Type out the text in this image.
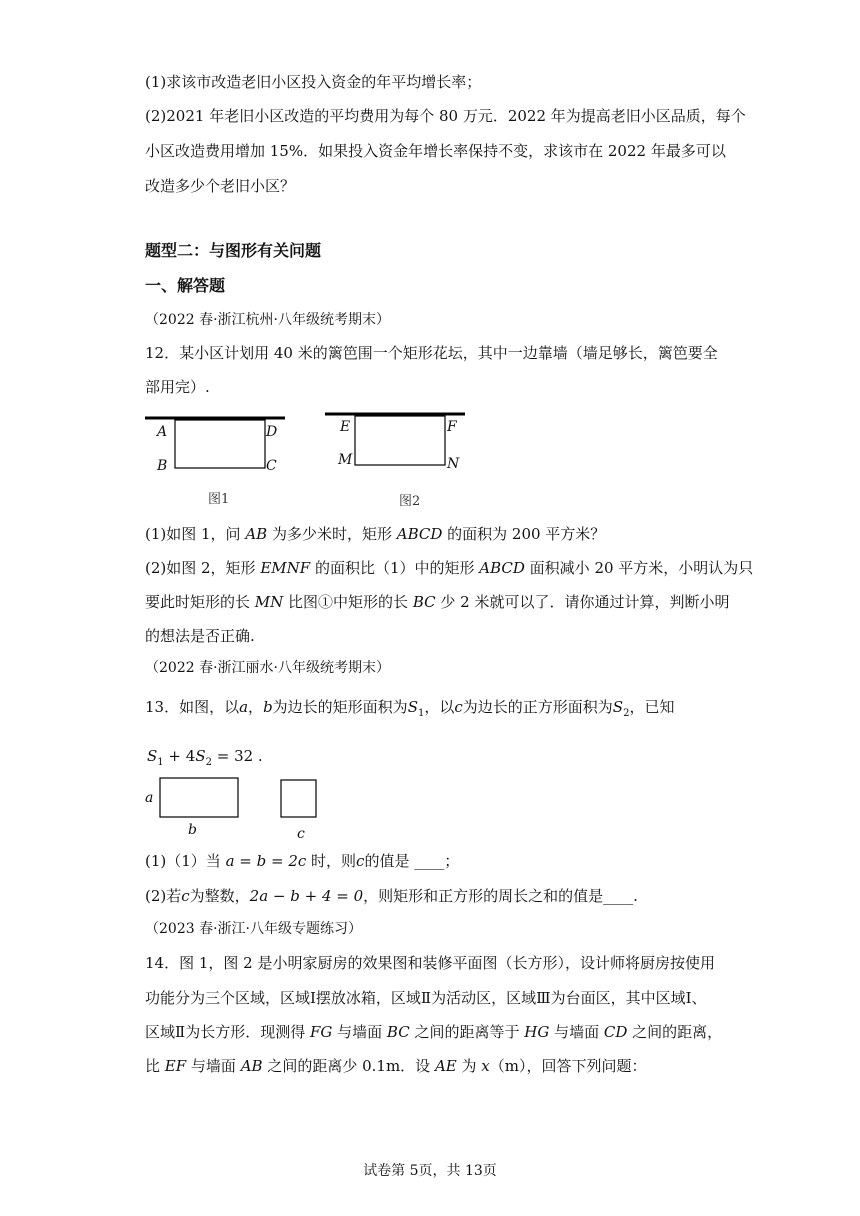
(1)求该市改造老旧小区投入资金的年平均增长率；
(2)2021 年老旧小区改造的平均费用为每个 80 万元．2022 年为提高老旧小区品质，每个
小区改造费用增加 15%．如果投入资金年增长率保持不变，求该市在 2022 年最多可以
改造多少个老旧小区？
题型二：与图形有关问题
一、解答题
（2022 春·浙江杭州·八年级统考期末）
12．某小区计划用 40 米的篱笆围一个矩形花坛，其中一边靠墙（墙足够长，篱笆要全
部用完）.
A
B
D
C
图1
E
M
F
N
图2
(1)如图 1，问 AB 为多少米时，矩形 ABCD 的面积为 200 平方米？
(2)如图 2，矩形 EMNF 的面积比（1）中的矩形 ABCD 面积减小 20 平方米，小明认为只
要此时矩形的长 MN 比图①中矩形的长 BC 少 2 米就可以了．请你通过计算，判断小明
的想法是否正确.
（2022 春·浙江丽水·八年级统考期末）
13．如图，以a，b为边长的矩形面积为$S_1$，以c为边长的正方形面积为$S_2$，已知
$S_1 + 4S_2 = 32$ .
a
b	c
(1)（1）当 a = b = 2c 时，则c的值是 ____；
(2)若c为整数，2a − b + 4 = 0，则矩形和正方形的周长之和的值是____.
（2023 春·浙江·八年级专题练习）
14．图 1，图 2 是小明家厨房的效果图和装修平面图（长方形），设计师将厨房按使用
功能分为三个区域，区域Ⅰ摆放冰箱，区域Ⅱ为活动区，区域Ⅲ为台面区，其中区域Ⅰ、
区域Ⅱ为长方形．现测得 FG 与墙面 BC 之间的距离等于 HG 与墙面 CD 之间的距离，
比 EF 与墙面 AB 之间的距离少 0.1m．设 AE 为 x（m），回答下列问题：
试卷第 5页，共 13页
